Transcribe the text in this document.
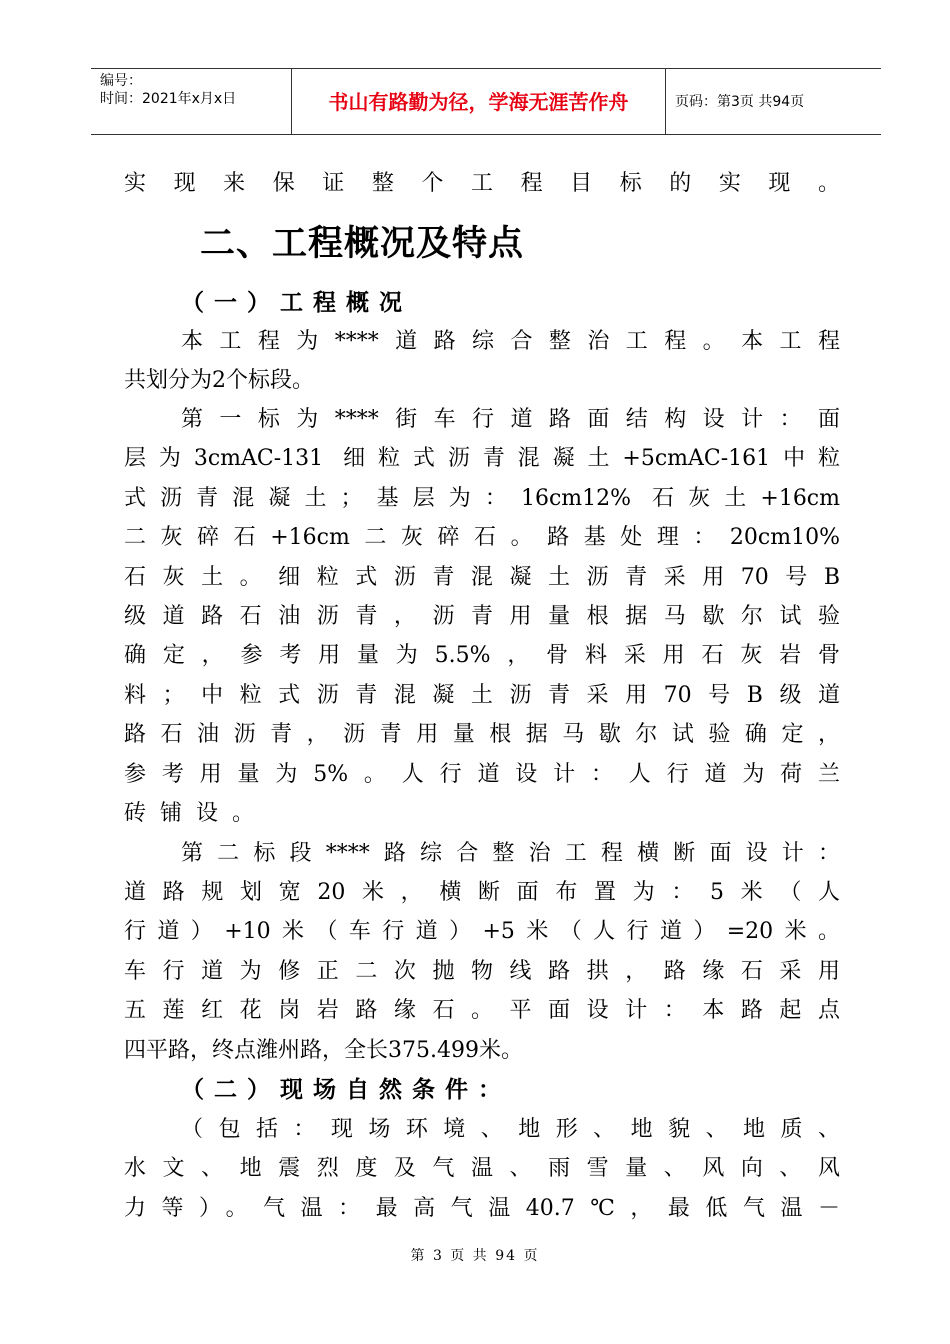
编号：
时间：2021年x月x日	书山有路勤为径，学海无涯苦作舟	页码：第3页 共94页
实现来保证整个工程目标的实现。
二、工程概况及特点
（一）工程概况
本工程为****道路综合整治工程。本工程
共划分为2个标段。
第一标为****街车行道路面结构设计：面
层为3cmAC-131 细粒式沥青混凝土+5cmAC-161中粒
式沥青混凝土；基层为：16cm12% 石灰土+16cm
二灰碎石+16cm二灰碎石。路基处理：20cm10%
石灰土。细粒式沥青混凝土沥青采用70号B
级道路石油沥青，沥青用量根据马歇尔试验
确定，参考用量为5.5%，骨料采用石灰岩骨
料；中粒式沥青混凝土沥青采用70号B级道
路石油沥青，沥青用量根据马歇尔试验确定，
参考用量为5%。人行道设计：人行道为荷兰
砖铺设。
第二标段****路综合整治工程横断面设计：
道路规划宽20米，横断面布置为：5米（人
行道）+10米（车行道）+5米（人行道）=20米。
车行道为修正二次抛物线路拱，路缘石采用
五莲红花岗岩路缘石。平面设计：本路起点
四平路，终点潍州路，全长375.499米。
（二）现场自然条件：
（包括：现场环境、地形、地貌、地质、
水文、地震烈度及气温、雨雪量、风向、风
力等）。气温：最高气温40.7℃，最低气温－
第 3 页 共 94 页
